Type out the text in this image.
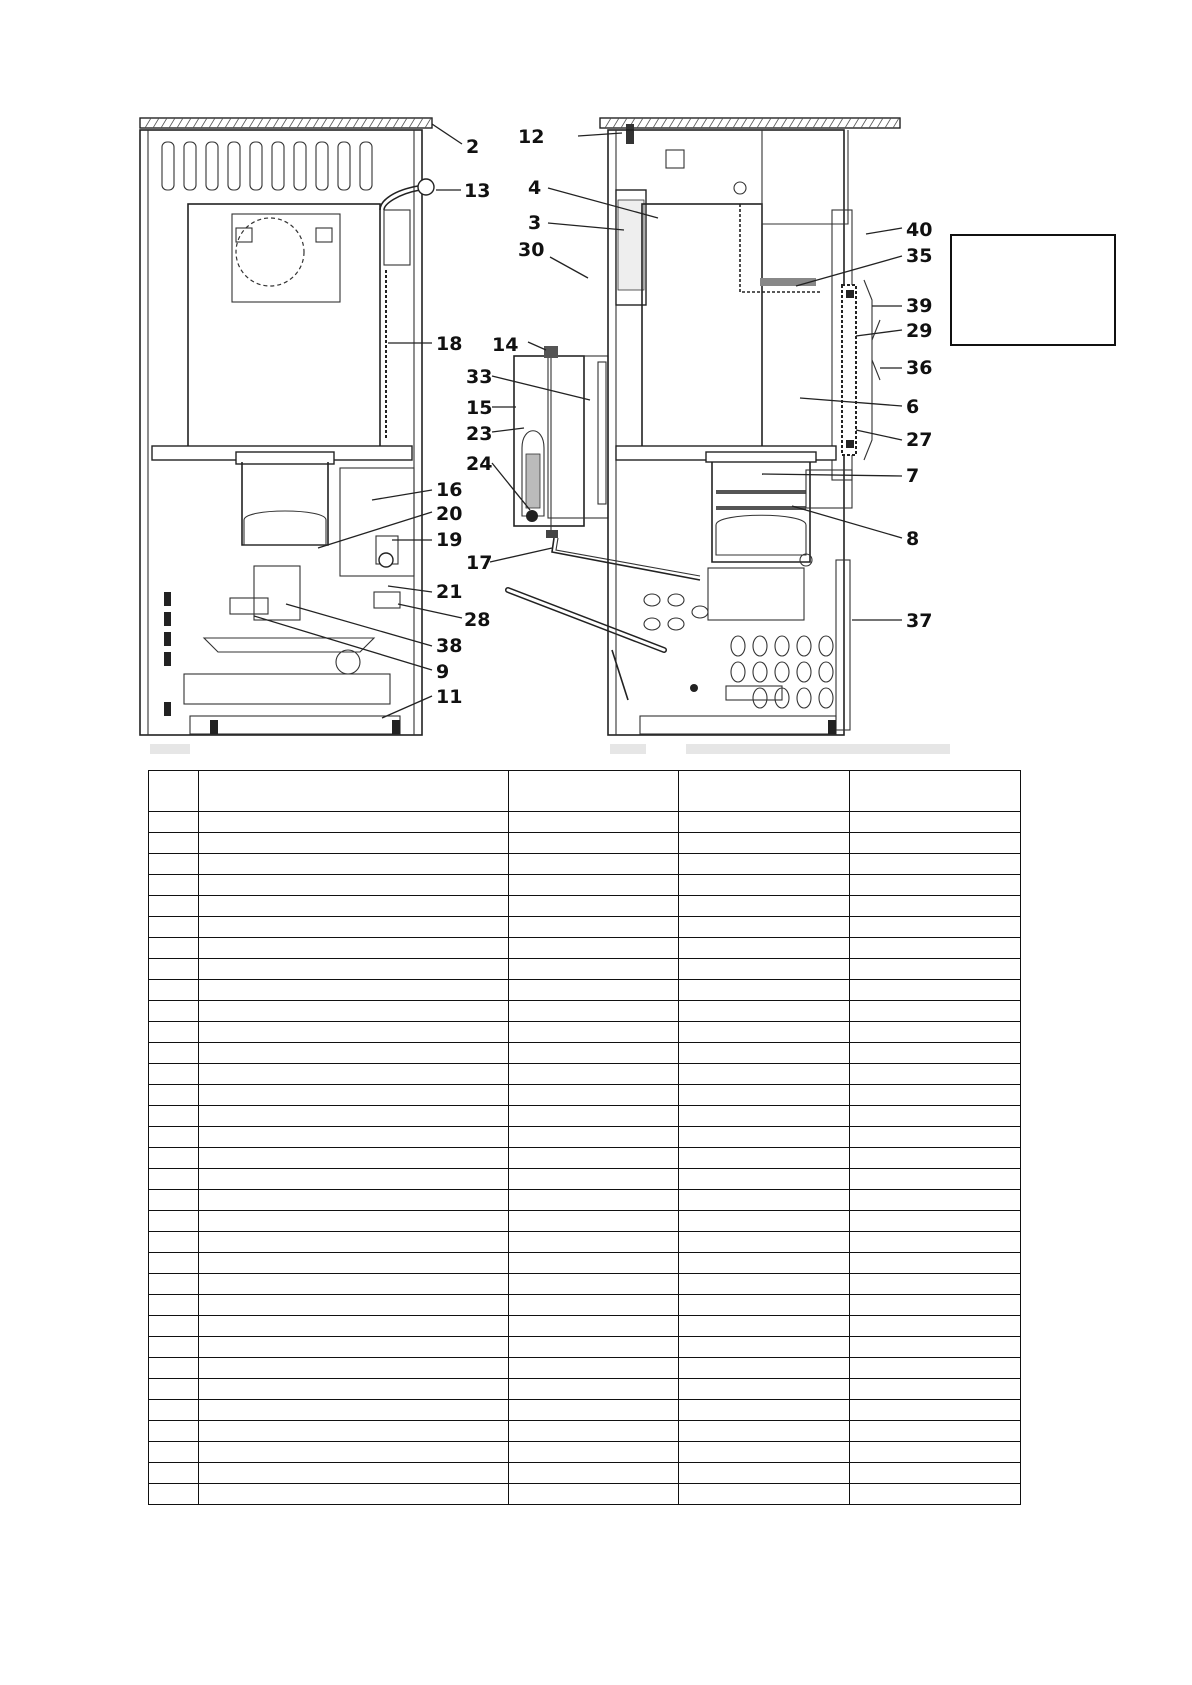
2
13
18
16
20
19
21
28
38
9
11
12
4
3
30
14
33
15
23
24
17
40
35
39
29
36
6
27
7
8
37
